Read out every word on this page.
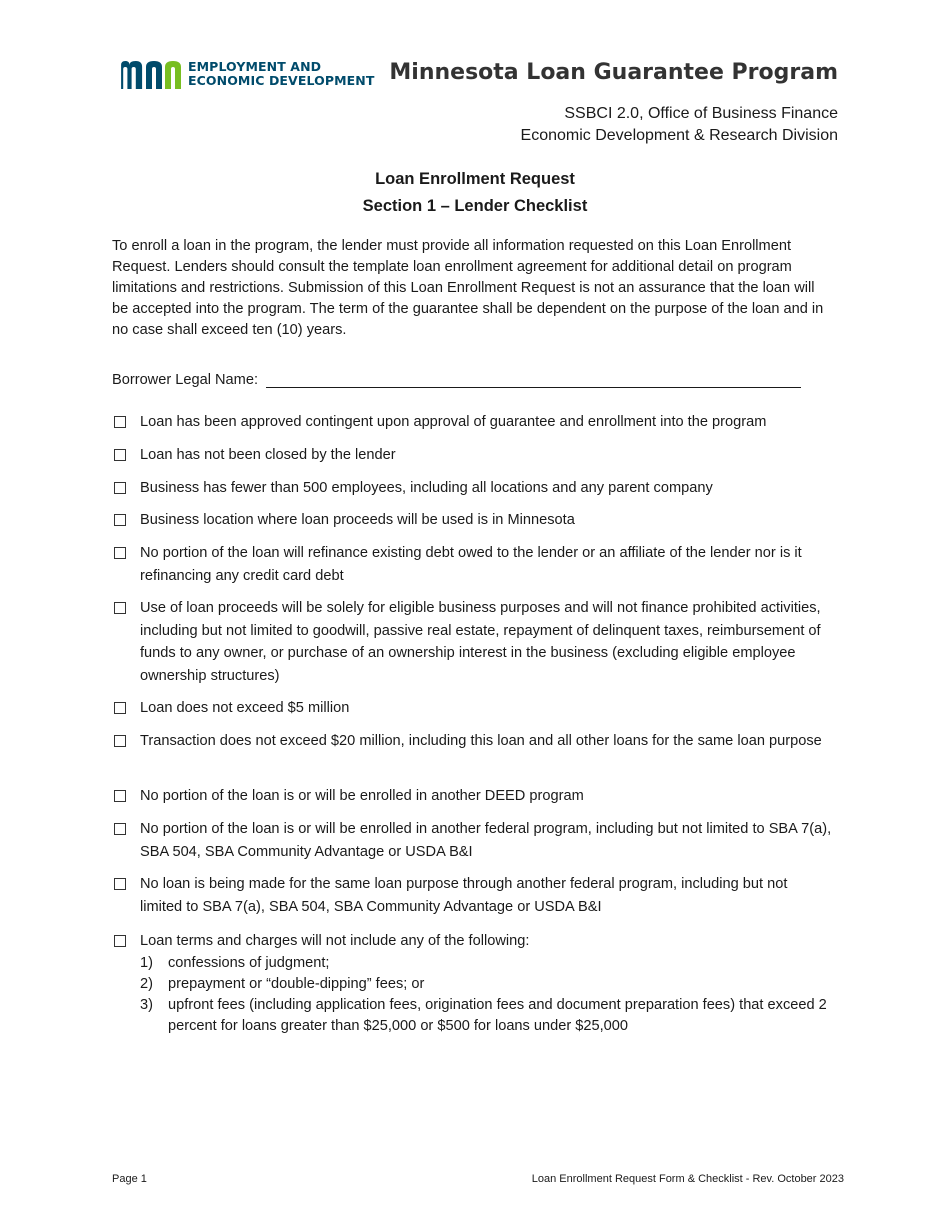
EMPLOYMENT AND
ECONOMIC DEVELOPMENT Minnesota Loan Guarantee Program
SSBCI 2.0, Office of Business Finance
Economic Development & Research Division
Loan Enrollment Request
Section 1 – Lender Checklist
To enroll a loan in the program, the lender must provide all information requested on this Loan Enrollment Request. Lenders should consult the template loan enrollment agreement for additional detail on program limitations and restrictions. Submission of this Loan Enrollment Request is not an assurance that the loan will be accepted into the program. The term of the guarantee shall be dependent on the purpose of the loan and in no case shall exceed ten (10) years.
Borrower Legal Name:
Loan has been approved contingent upon approval of guarantee and enrollment into the program
Loan has not been closed by the lender
Business has fewer than 500 employees, including all locations and any parent company
Business location where loan proceeds will be used is in Minnesota
No portion of the loan will refinance existing debt owed to the lender or an affiliate of the lender nor is it refinancing any credit card debt
Use of loan proceeds will be solely for eligible business purposes and will not finance prohibited activities, including but not limited to goodwill, passive real estate, repayment of delinquent taxes, reimbursement of funds to any owner, or purchase of an ownership interest in the business (excluding eligible employee ownership structures)
Loan does not exceed $5 million
Transaction does not exceed $20 million, including this loan and all other loans for the same loan purpose
No portion of the loan is or will be enrolled in another DEED program
No portion of the loan is or will be enrolled in another federal program, including but not limited to SBA 7(a), SBA 504, SBA Community Advantage or USDA B&I
No loan is being made for the same loan purpose through another federal program, including but not limited to SBA 7(a), SBA 504, SBA Community Advantage or USDA B&I
Loan terms and charges will not include any of the following:
1)	confessions of judgment;
2)	prepayment or “double-dipping” fees; or
3)	upfront fees (including application fees, origination fees and document preparation fees) that exceed 2 percent for loans greater than $25,000 or $500 for loans under $25,000
Page 1	Loan Enrollment Request Form & Checklist - Rev. October 2023
